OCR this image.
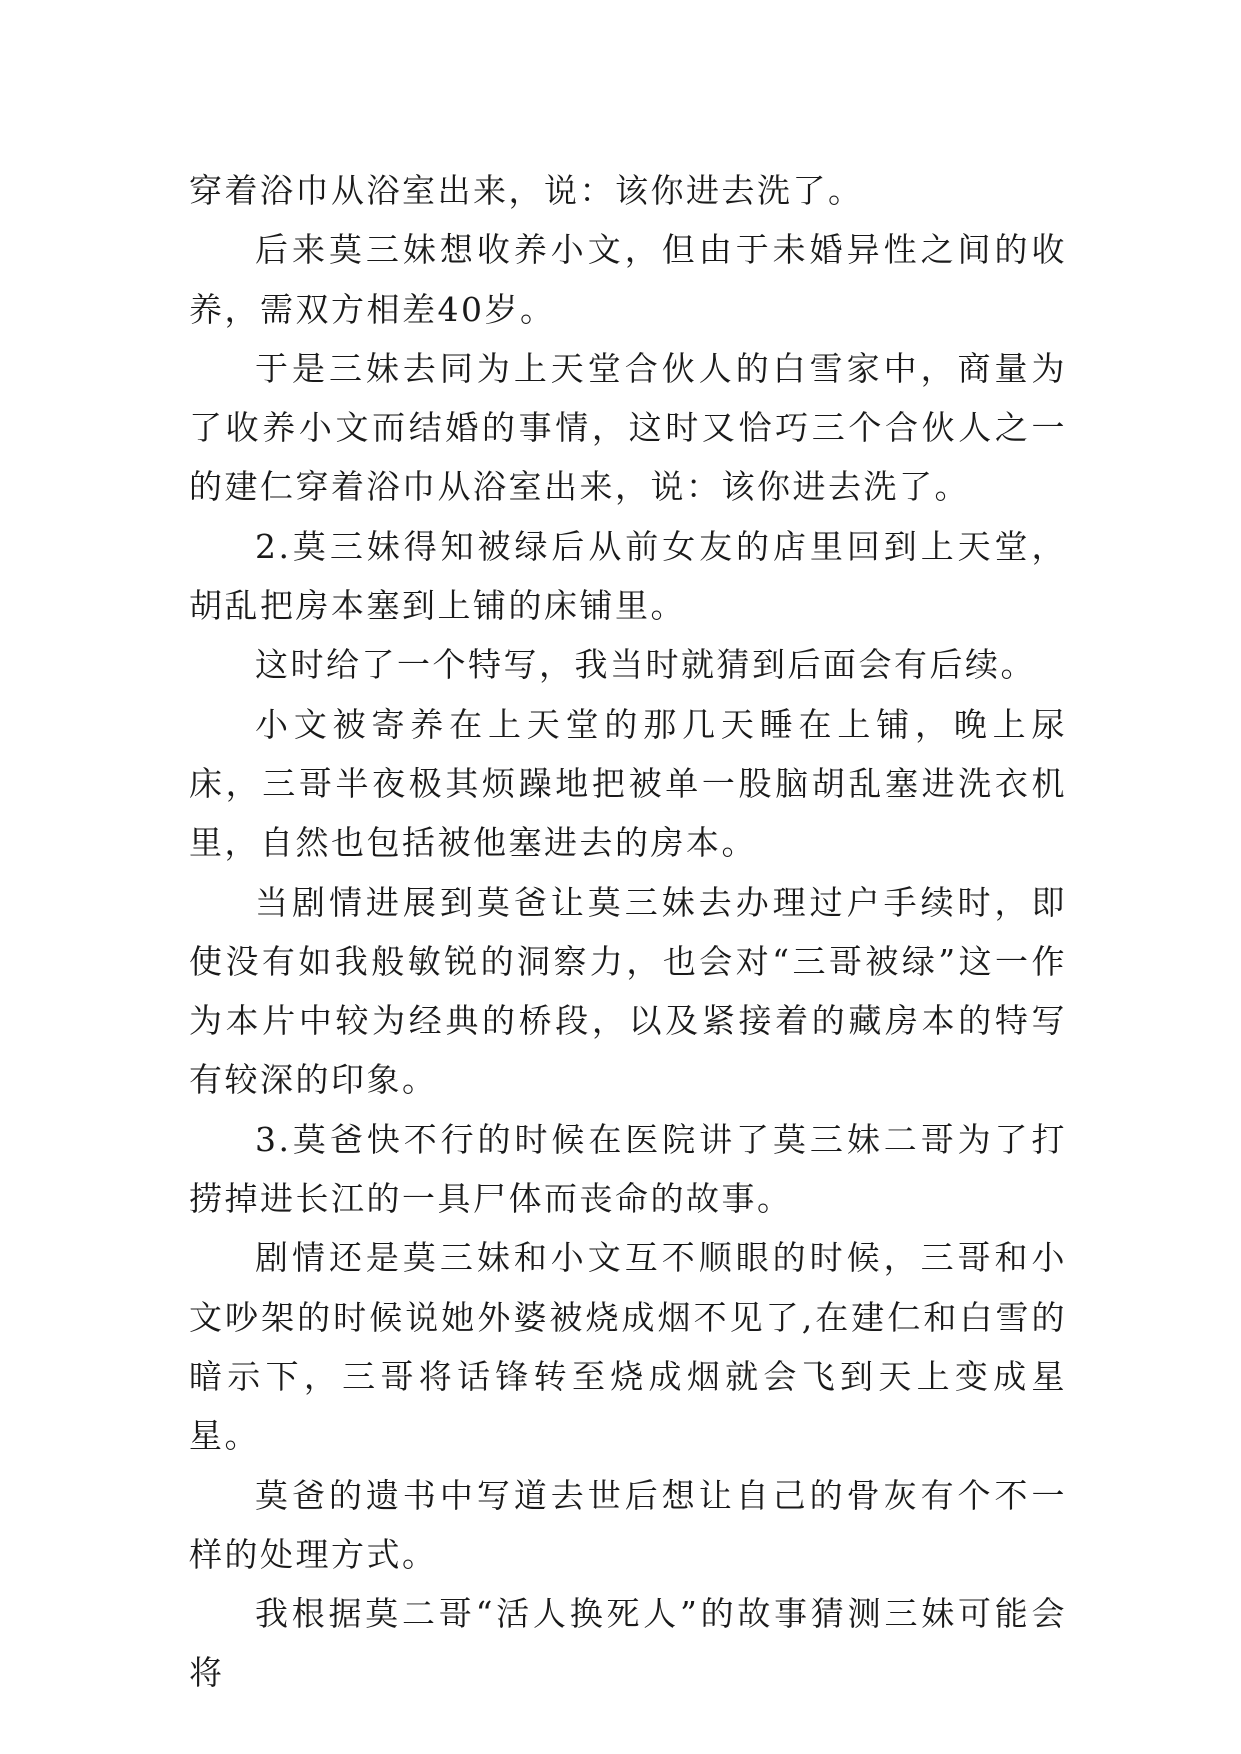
穿着浴巾从浴室出来，说：该你进去洗了。

后来莫三妹想收养小文，但由于未婚异性之间的收养，需双方相差40岁。

于是三妹去同为上天堂合伙人的白雪家中，商量为了收养小文而结婚的事情，这时又恰巧三个合伙人之一的建仁穿着浴巾从浴室出来，说：该你进去洗了。

2.莫三妹得知被绿后从前女友的店里回到上天堂，胡乱把房本塞到上铺的床铺里。

这时给了一个特写，我当时就猜到后面会有后续。

小文被寄养在上天堂的那几天睡在上铺，晚上尿床，三哥半夜极其烦躁地把被单一股脑胡乱塞进洗衣机里，自然也包括被他塞进去的房本。

当剧情进展到莫爸让莫三妹去办理过户手续时，即使没有如我般敏锐的洞察力，也会对“三哥被绿”这一作为本片中较为经典的桥段，以及紧接着的藏房本的特写有较深的印象。

3.莫爸快不行的时候在医院讲了莫三妹二哥为了打捞掉进长江的一具尸体而丧命的故事。

剧情还是莫三妹和小文互不顺眼的时候，三哥和小文吵架的时候说她外婆被烧成烟不见了,在建仁和白雪的暗示下，三哥将话锋转至烧成烟就会飞到天上变成星星。

莫爸的遗书中写道去世后想让自己的骨灰有个不一样的处理方式。

我根据莫二哥“活人换死人”的故事猜测三妹可能会将
